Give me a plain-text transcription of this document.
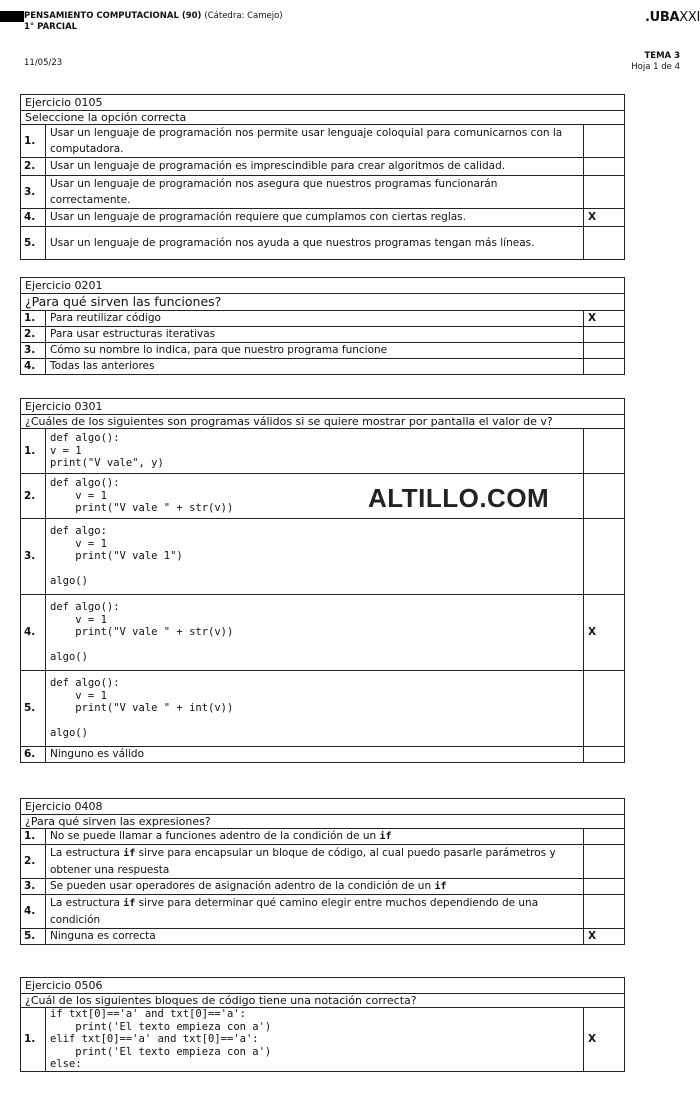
PENSAMIENTO COMPUTACIONAL (90) (Cátedra: Camejo)
1° PARCIAL
11/05/23
.UBAXXI
TEMA 3
Hoja 1 de 4
Ejercicio 0105		
Seleccione la opción correcta		
1.	Usar un lenguaje de programación nos permite usar lenguaje coloquial para comunicarnos con la computadora.	
2.	Usar un lenguaje de programación es imprescindible para crear algoritmos de calidad.	
3.	Usar un lenguaje de programación nos asegura que nuestros programas funcionarán correctamente.	
4.	Usar un lenguaje de programación requiere que cumplamos con ciertas reglas.	X
5.	Usar un lenguaje de programación nos ayuda a que nuestros programas tengan más líneas.	
Ejercicio 0201		
¿Para qué sirven las funciones?		
1.	Para reutilizar código	X
2.	Para usar estructuras iterativas	
3.	Cómo su nombre lo indica, para que nuestro programa funcione	
4.	Todas las anteriores	
Ejercicio 0301		
¿Cuáles de los siguientes son programas válidos si se quiere mostrar por pantalla el valor de v?		
1.	def algo():
v = 1
print("V vale", y)	
2.	def algo():
v = 1
print("V vale " + str(v))	
3.	def algo:
v = 1
print("V vale 1")

algo()	
4.	def algo():
v = 1
print("V vale " + str(v))

algo()	X
5.	def algo():
v = 1
print("V vale " + int(v))

algo()	
6.	Ninguno es válido	
ALTILLO.COM
Ejercicio 0408		
¿Para qué sirven las expresiones?		
1.	No se puede llamar a funciones adentro de la condición de un if	
2.	La estructura if sirve para encapsular un bloque de código, al cual puedo pasarle parámetros y obtener una respuesta	
3.	Se pueden usar operadores de asignación adentro de la condición de un if	
4.	La estructura if sirve para determinar qué camino elegir entre muchos dependiendo de una condición	
5.	Ninguna es correcta	X
Ejercicio 0506
¿Cuál de los siguientes bloques de código tiene una notación correcta?
1.	if txt[0]=='a' and txt[0]=='a':
print('El texto empieza con a')
elif txt[0]=='a' and txt[0]=='a':
print('El texto empieza con a')
else:	X
